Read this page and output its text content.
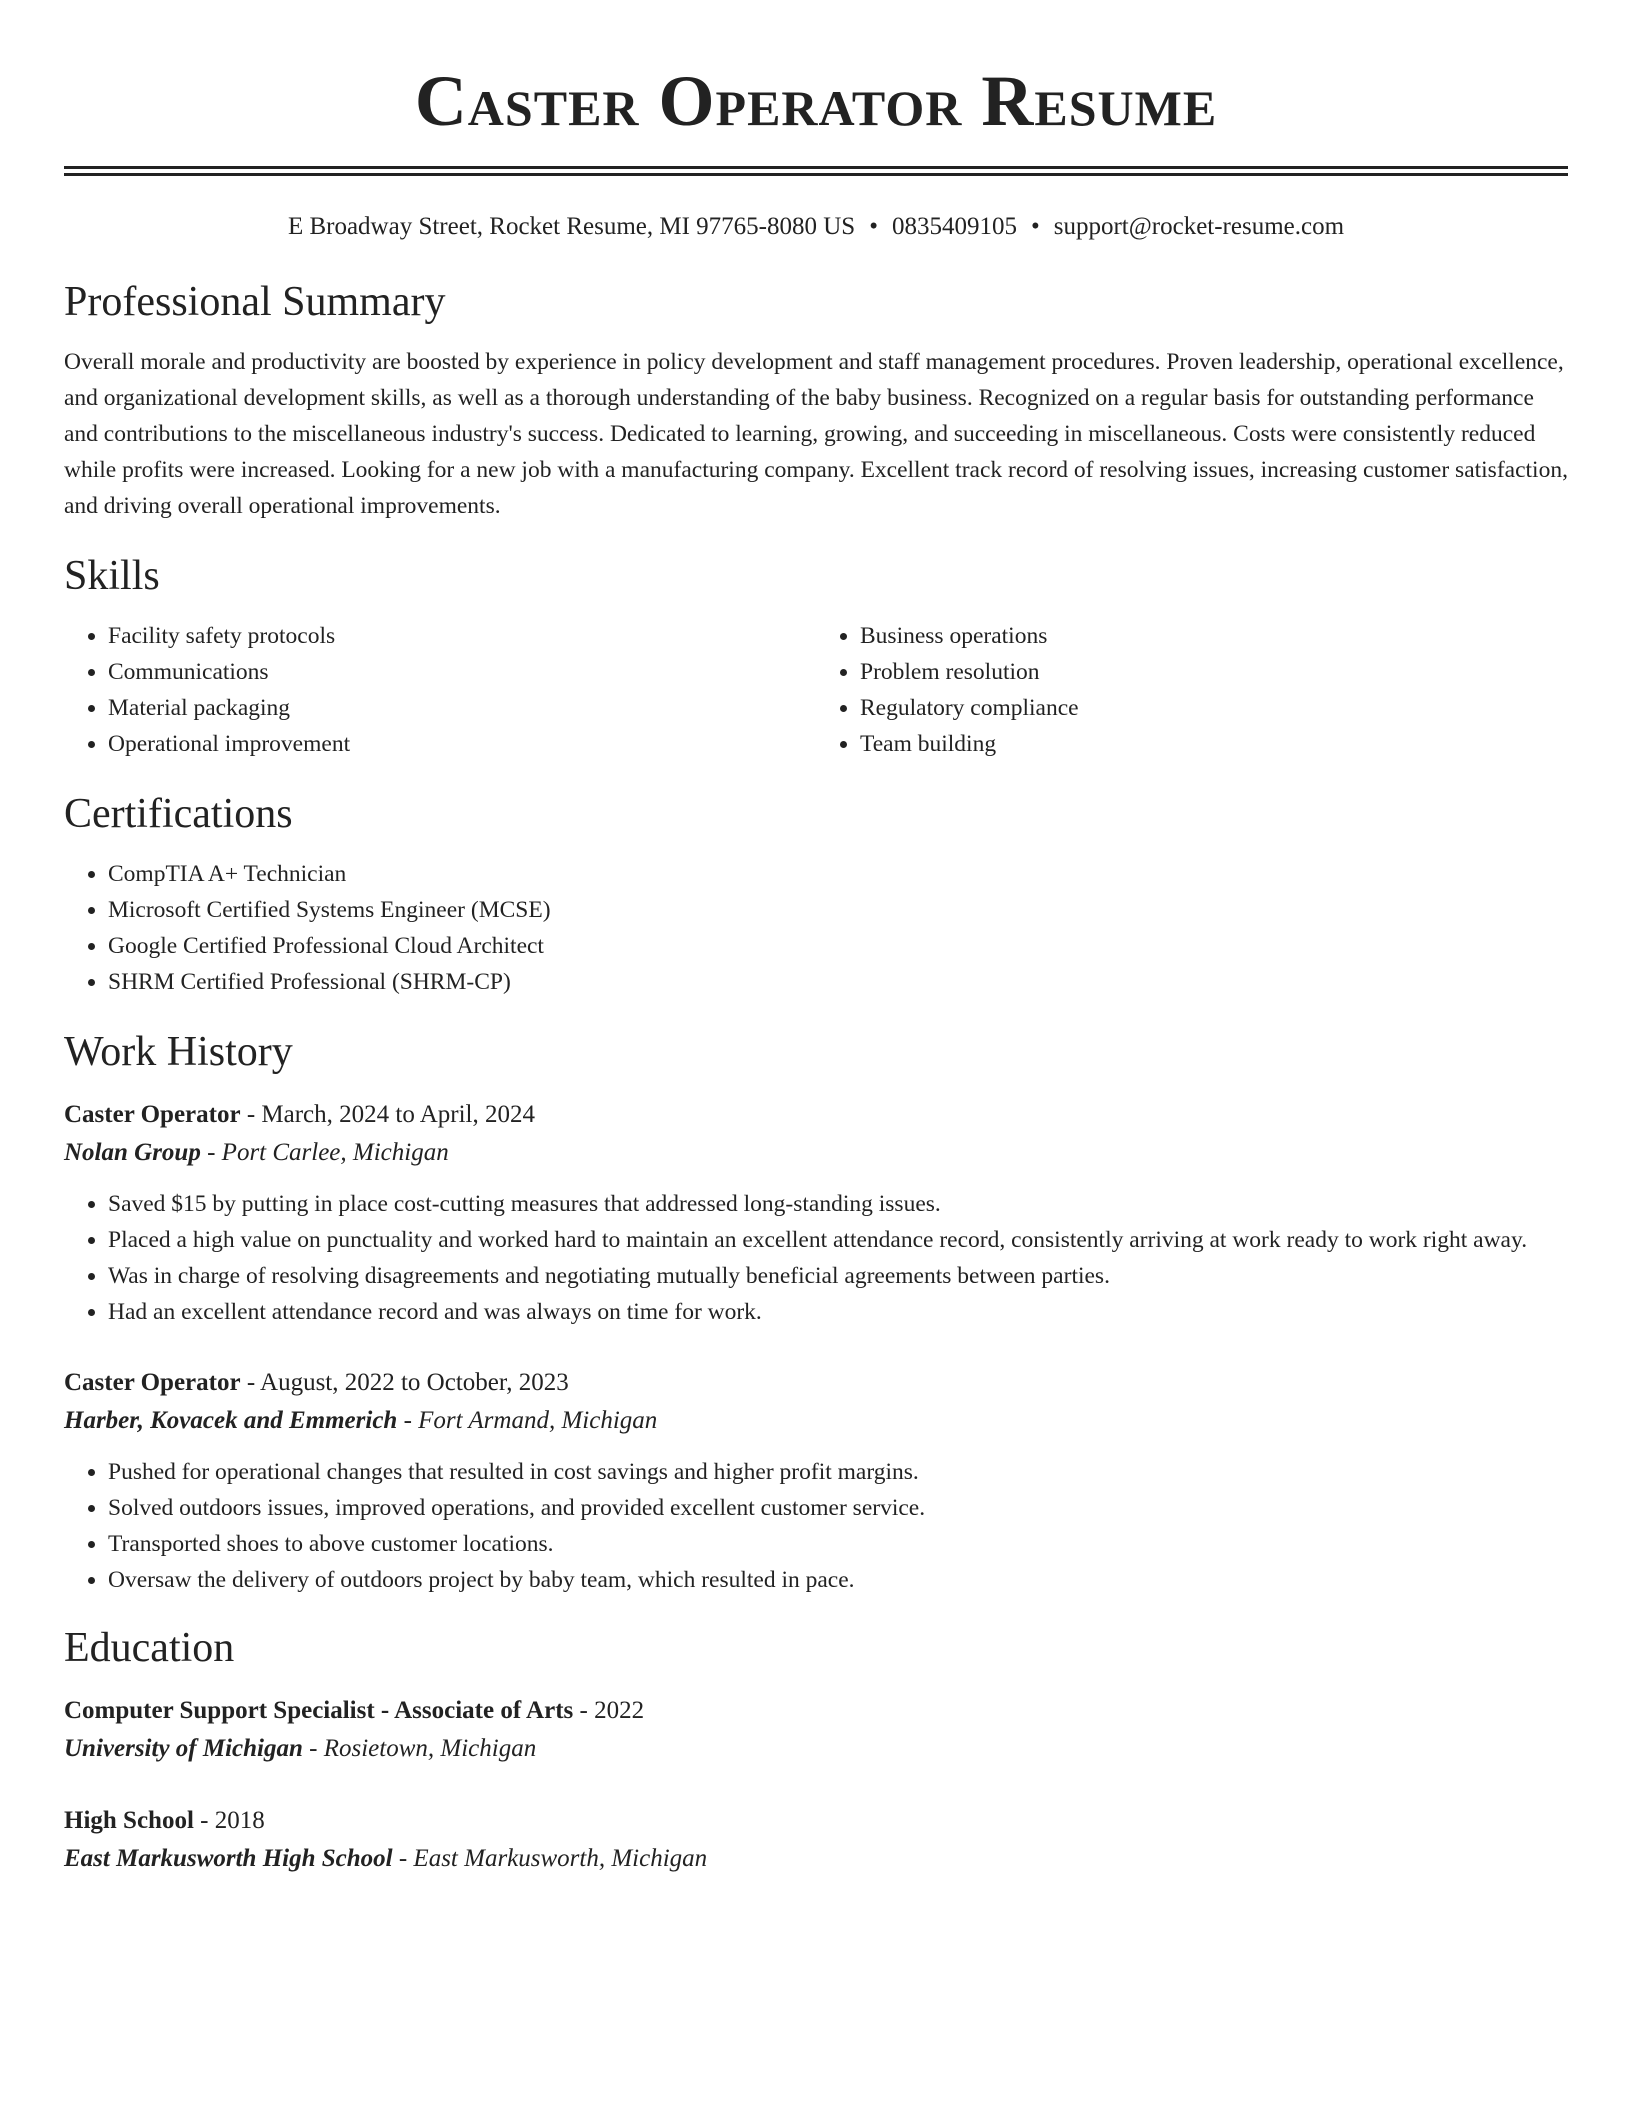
Caster Operator Resume
E Broadway Street, Rocket Resume, MI 97765-8080 US • 0835409105 • support@rocket-resume.com
Professional Summary

Overall morale and productivity are boosted by experience in policy development and staff management procedures. Proven leadership, operational excellence, and organizational development skills, as well as a thorough understanding of the baby business. Recognized on a regular basis for outstanding performance and contributions to the miscellaneous industry's success. Dedicated to learning, growing, and succeeding in miscellaneous. Costs were consistently reduced while profits were increased. Looking for a new job with a manufacturing company. Excellent track record of resolving issues, increasing customer satisfaction, and driving overall operational improvements.

Skills
• Facility safety protocols
• Communications
• Material packaging
• Operational improvement
• Business operations
• Problem resolution
• Regulatory compliance
• Team building
Certifications
• CompTIA A+ Technician
• Microsoft Certified Systems Engineer (MCSE)
• Google Certified Professional Cloud Architect
• SHRM Certified Professional (SHRM-CP)
Work History
Caster Operator - March, 2024 to April, 2024
Nolan Group - Port Carlee, Michigan
• Saved $15 by putting in place cost-cutting measures that addressed long-standing issues.
• Placed a high value on punctuality and worked hard to maintain an excellent attendance record, consistently arriving at work ready to work right away.
• Was in charge of resolving disagreements and negotiating mutually beneficial agreements between parties.
• Had an excellent attendance record and was always on time for work.
Caster Operator - August, 2022 to October, 2023
Harber, Kovacek and Emmerich - Fort Armand, Michigan
• Pushed for operational changes that resulted in cost savings and higher profit margins.
• Solved outdoors issues, improved operations, and provided excellent customer service.
• Transported shoes to above customer locations.
• Oversaw the delivery of outdoors project by baby team, which resulted in pace.
Education
Computer Support Specialist - Associate of Arts - 2022
University of Michigan - Rosietown, Michigan
High School - 2018
East Markusworth High School - East Markusworth, Michigan
